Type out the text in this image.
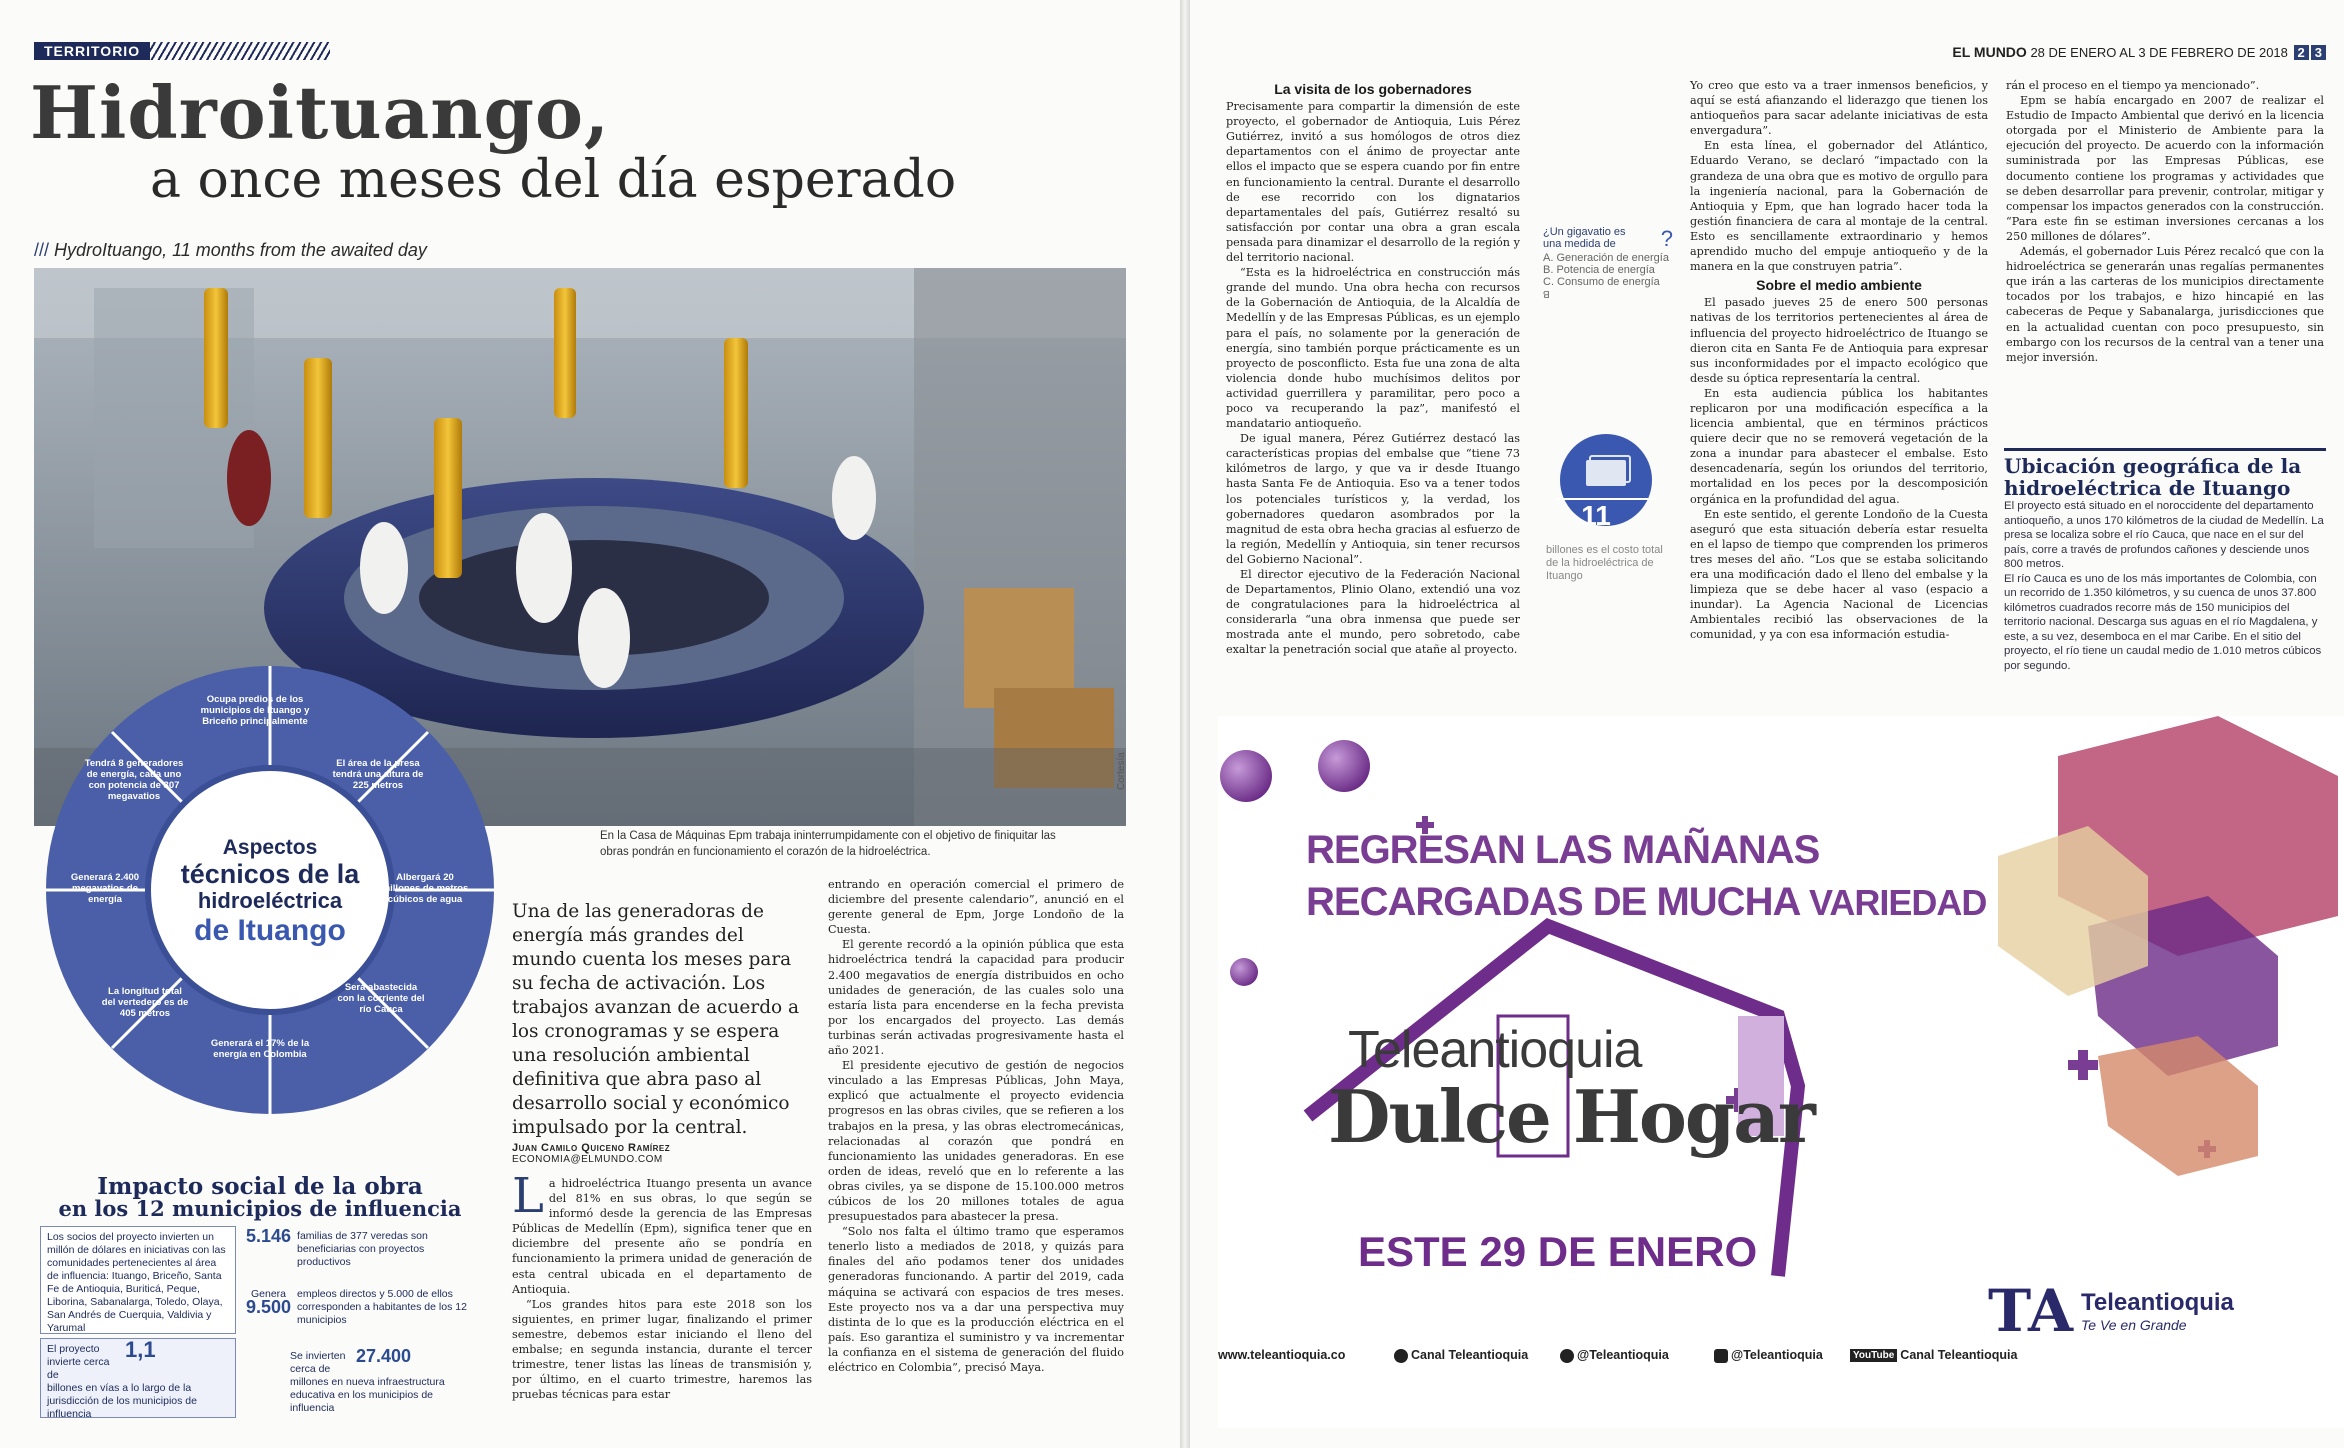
TERRITORIO
Hidroituango,
a once meses del día esperado
/// HydroItuango, 11 months from the awaited day
Cortesía
En la Casa de Máquinas Epm trabaja ininterrumpidamente con el objetivo de finiquitar las obras pondrán en funcionamiento el corazón de la hidroeléctrica.
Aspectos
técnicos de la
hidroeléctrica
de Ituango
Ocupa predios de los municipios de Ituango y Briceño principalmente
El área de la presa tendrá una altura de 225 metros
Albergará 20 millones de metros cúbicos de agua
Será abastecida con la corriente del río Cauca
Generará el 17% de la energía en Colombia
La longitud total del vertedero es de 405 metros
Generará 2.400 megavatios de energía
Tendrá 8 generadores de energía, cada uno con potencia de 307 megavatios
Una de las generadoras de energía más grandes del mundo cuenta los meses para su fecha de activación. Los trabajos avanzan de acuerdo a los cronogramas y se espera una resolución ambiental definitiva que abra paso al desarrollo social y económico impulsado por la central.
Juan Camilo Quiceno Ramírez
ECONOMIA@ELMUNDO.COM

La hidroeléctrica Ituango presenta un avance del 81% en sus obras, lo que según se informó desde la gerencia de las Empresas Públicas de Medellín (Epm), significa tener que en diciembre del presente año se pondría en funcionamiento la primera unidad de generación de esta central ubicada en el departamento de Antioquia.

“Los grandes hitos para este 2018 son los siguientes, en primer lugar, finalizando el primer semestre, debemos estar iniciando el lleno del embalse; en segunda instancia, durante el tercer trimestre, tener listas las líneas de transmisión y, por último, en el cuarto trimestre, haremos las pruebas técnicas para estar

entrando en operación comercial el primero de diciembre del presente calendario”, anunció en el gerente general de Epm, Jorge Londoño de la Cuesta.

El gerente recordó a la opinión pública que esta hidroeléctrica tendrá la capacidad para producir 2.400 megavatios de energía distribuidos en ocho unidades de generación, de las cuales solo una estaría lista para encenderse en la fecha prevista por los encargados del proyecto. Las demás turbinas serán activadas progresivamente hasta el año 2021.

El presidente ejecutivo de gestión de negocios vinculado a las Empresas Públicas, John Maya, explicó que actualmente el proyecto evidencia progresos en las obras civiles, que se refieren a los trabajos en la presa, y las obras electromecánicas, relacionadas al corazón que pondrá en funcionamiento las unidades generadoras. En ese orden de ideas, reveló que en lo referente a las obras civiles, ya se dispone de 15.100.000 metros cúbicos de los 20 millones totales de agua presupuestados para abastecer la presa.

“Solo nos falta el último tramo que esperamos tenerlo listo a mediados de 2018, y quizás para finales del año podamos tener dos unidades generadoras funcionando. A partir del 2019, cada máquina se activará con espacios de tres meses. Este proyecto nos va a dar una perspectiva muy distinta de lo que es la producción eléctrica en el país. Eso garantiza el suministro y va incrementar la confianza en el sistema de generación del fluido eléctrico en Colombia”, precisó Maya.

Impacto social de la obra
en los 12 municipios de influencia
Los socios del proyecto invierten un millón de dólares en iniciativas con las comunidades pertenecientes al área de influencia: Ituango, Briceño, Santa Fe de Antioquia, Buriticá, Peque, Liborina, Sabanalarga, Toledo, Olaya, San Andrés de Cuerquia, Valdivia y Yarumal
El proyecto invierte cerca de
1,1
billones en vías a lo largo de la jurisdicción de los municipios de influencia
5.146 familias de 377 veredas son beneficiarias con proyectos productivos
Genera
9.500
empleos directos y 5.000 de ellos corresponden a habitantes de los 12 municipios
Se invierten cerca de
27.400
millones en nueva infraestructura educativa en los municipios de influencia
EL MUNDO 28 DE ENERO AL 3 DE FEBRERO DE 2018 2 3
La visita de los gobernadores

Precisamente para compartir la dimensión de este proyecto, el gobernador de Antioquia, Luis Pérez Gutiérrez, invitó a sus homólogos de otros diez departamentos con el ánimo de proyectar ante ellos el impacto que se espera cuando por fin entre en funcionamiento la central. Durante el desarrollo de ese recorrido con los dignatarios departamentales del país, Gutiérrez resaltó su satisfacción por contar una obra a gran escala pensada para dinamizar el desarrollo de la región y del territorio nacional.

“Esta es la hidroeléctrica en construcción más grande del mundo. Una obra hecha con recursos de la Gobernación de Antioquia, de la Alcaldía de Medellín y de las Empresas Públicas, es un ejemplo para el país, no solamente por la generación de energía, sino también porque prácticamente es un proyecto de posconflicto. Esta fue una zona de alta violencia donde hubo muchísimos delitos por actividad guerrillera y paramilitar, pero poco a poco va recuperando la paz”, manifestó el mandatario antioqueño.

De igual manera, Pérez Gutiérrez destacó las características propias del embalse que “tiene 73 kilómetros de largo, y que va ir desde Ituango hasta Santa Fe de Antioquia. Eso va a tener todos los potenciales turísticos y, la verdad, los gobernadores quedaron asombrados por la magnitud de esta obra hecha gracias al esfuerzo de la región, Medellín y Antioquia, sin tener recursos del Gobierno Nacional”.

El director ejecutivo de la Federación Nacional de Departamentos, Plinio Olano, extendió una voz de congratulaciones para la hidroeléctrica al considerarla “una obra inmensa que puede ser mostrada ante el mundo, pero sobretodo, cabe exaltar la penetración social que atañe al proyecto.

¿Un gigavatio es una medida de	?
A. Generación de energía
B. Potencia de energía
C. Consumo de energía
B
11
billones es el costo total de la hidroeléctrica de Ituango

Yo creo que esto va a traer inmensos beneficios, y aquí se está afianzando el liderazgo que tienen los antioqueños para sacar adelante iniciativas de esta envergadura”.

En esta línea, el gobernador del Atlántico, Eduardo Verano, se declaró “impactado con la grandeza de una obra que es motivo de orgullo para la ingeniería nacional, para la Gobernación de Antioquia y Epm, que han logrado hacer toda la gestión financiera de cara al montaje de la central. Esto es sencillamente extraordinario y hemos aprendido mucho del empuje antioqueño y de la manera en la que construyen patria”.

Sobre el medio ambiente

El pasado jueves 25 de enero 500 personas nativas de los territorios pertenecientes al área de influencia del proyecto hidroeléctrico de Ituango se dieron cita en Santa Fe de Antioquia para expresar sus inconformidades por el impacto ecológico que desde su óptica representaría la central.

En esta audiencia pública los habitantes replicaron por una modificación específica a la licencia ambiental, que en términos prácticos quiere decir que no se removerá vegetación de la zona a inundar para abastecer el embalse. Esto desencadenaría, según los oriundos del territorio, mortalidad en los peces por la descomposición orgánica en la profundidad del agua.

En este sentido, el gerente Londoño de la Cuesta aseguró que esta situación debería estar resuelta en el lapso de tiempo que comprenden los primeros tres meses del año. “Los que se estaba solicitando era una modificación dado el lleno del embalse y la limpieza que se debe hacer al vaso (espacio a inundar). La Agencia Nacional de Licencias Ambientales recibió las observaciones de la comunidad, y ya con esa información estudia-

rán el proceso en el tiempo ya mencionado”.

Epm se había encargado en 2007 de realizar el Estudio de Impacto Ambiental que derivó en la licencia otorgada por el Ministerio de Ambiente para la ejecución del proyecto. De acuerdo con la información suministrada por las Empresas Públicas, ese documento contiene los programas y actividades que se deben desarrollar para prevenir, controlar, mitigar y compensar los impactos generados con la construcción. “Para este fin se estiman inversiones cercanas a los 250 millones de dólares”.

Además, el gobernador Luis Pérez recalcó que con la hidroeléctrica se generarán unas regalías permanentes que irán a las carteras de los municipios directamente tocados por los trabajos, e hizo hincapié en las cabeceras de Peque y Sabanalarga, jurisdicciones que en la actualidad cuentan con poco presupuesto, sin embargo con los recursos de la central van a tener una mejor inversión.

Ubicación geográfica de la hidroeléctrica de Ituango

El proyecto está situado en el noroccidente del departamento antioqueño, a unos 170 kilómetros de la ciudad de Medellín. La presa se localiza sobre el río Cauca, que nace en el sur del país, corre a través de profundos cañones y desciende unos 800 metros.

El río Cauca es uno de los más importantes de Colombia, con un recorrido de 1.350 kilómetros, y su cuenca de unos 37.800 kilómetros cuadrados recorre más de 150 municipios del territorio nacional. Descarga sus aguas en el río Magdalena, y este, a su vez, desemboca en el mar Caribe. En el sitio del proyecto, el río tiene un caudal medio de 1.010 metros cúbicos por segundo.

REGRESAN LAS MAÑANAS
RECARGADAS DE MUCHA VARIEDAD
Teleantioquia
Dulce Hogar
ESTE 29 DE ENERO
TA Teleantioquia
Te Ve en Grande
www.teleantioquia.co	Canal Teleantioquia	@Teleantioquia	@Teleantioquia	YouTube Canal Teleantioquia
